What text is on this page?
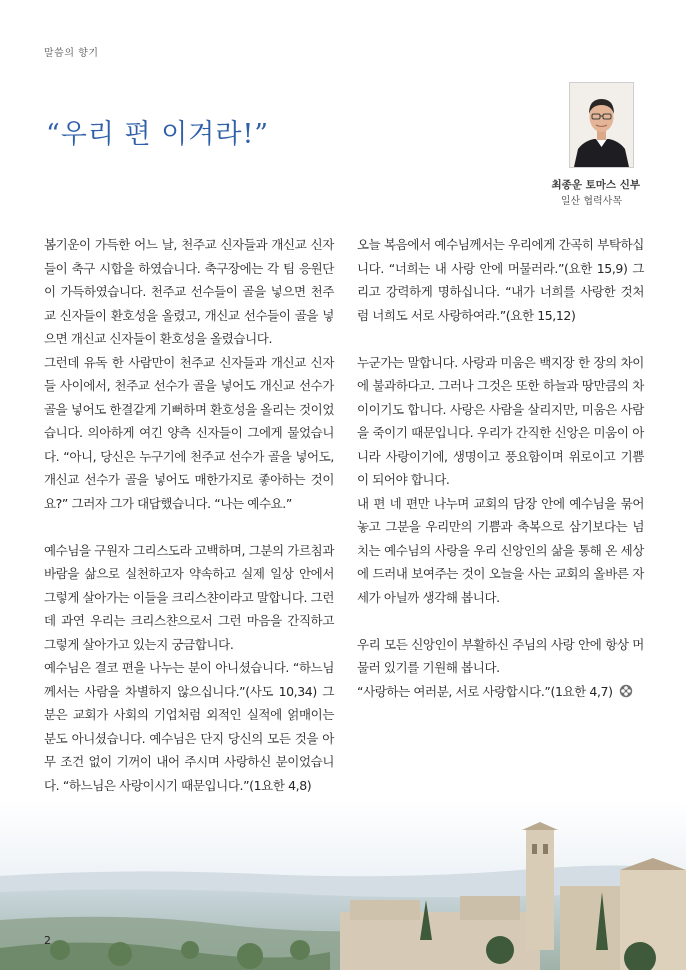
말씀의 향기
“우리 편 이겨라!”
최종운 토마스 신부
일산 협력사목

봄기운이 가득한 어느 날, 천주교 신자들과 개신교 신자들이 축구 시합을 하였습니다. 축구장에는 각 팀 응원단이 가득하였습니다. 천주교 선수들이 골을 넣으면 천주교 신자들이 환호성을 올렸고, 개신교 선수들이 골을 넣으면 개신교 신자들이 환호성을 올렸습니다.

그런데 유독 한 사람만이 천주교 신자들과 개신교 신자들 사이에서, 천주교 선수가 골을 넣어도 개신교 선수가 골을 넣어도 한결같게 기뻐하며 환호성을 올리는 것이었습니다. 의아하게 여긴 양측 신자들이 그에게 물었습니다. “아니, 당신은 누구기에 천주교 선수가 골을 넣어도, 개신교 선수가 골을 넣어도 매한가지로 좋아하는 것이요?” 그러자 그가 대답했습니다. “나는 예수요.”

예수님을 구원자 그리스도라 고백하며, 그분의 가르침과 바람을 삶으로 실천하고자 약속하고 실제 일상 안에서 그렇게 살아가는 이들을 크리스챤이라고 말합니다. 그런데 과연 우리는 크리스챤으로서 그런 마음을 간직하고 그렇게 살아가고 있는지 궁금합니다.

예수님은 결코 편을 나누는 분이 아니셨습니다. “하느님께서는 사람을 차별하지 않으십니다.”(사도 10,34) 그분은 교회가 사회의 기업처럼 외적인 실적에 얽매이는 분도 아니셨습니다. 예수님은 단지 당신의 모든 것을 아무 조건 없이 기꺼이 내어 주시며 사랑하신 분이었습니다. “하느님은 사랑이시기 때문입니다.”(1요한 4,8)

오늘 복음에서 예수님께서는 우리에게 간곡히 부탁하십니다. “너희는 내 사랑 안에 머물러라.”(요한 15,9) 그리고 강력하게 명하십니다. “내가 너희를 사랑한 것처럼 너희도 서로 사랑하여라.”(요한 15,12)

누군가는 말합니다. 사랑과 미움은 백지장 한 장의 차이에 불과하다고. 그러나 그것은 또한 하늘과 땅만큼의 차이이기도 합니다. 사랑은 사람을 살리지만, 미움은 사람을 죽이기 때문입니다. 우리가 간직한 신앙은 미움이 아니라 사랑이기에, 생명이고 풍요함이며 위로이고 기쁨이 되어야 합니다.

내 편 네 편만 나누며 교회의 담장 안에 예수님을 묶어 놓고 그분을 우리만의 기쁨과 축복으로 삼기보다는 넘치는 예수님의 사랑을 우리 신앙인의 삶을 통해 온 세상에 드러내 보여주는 것이 오늘을 사는 교회의 올바른 자세가 아닐까 생각해 봅니다.

우리 모든 신앙인이 부활하신 주님의 사랑 안에 항상 머물러 있기를 기원해 봅니다.

“사랑하는 여러분, 서로 사랑합시다.”(1요한 4,7)

2
